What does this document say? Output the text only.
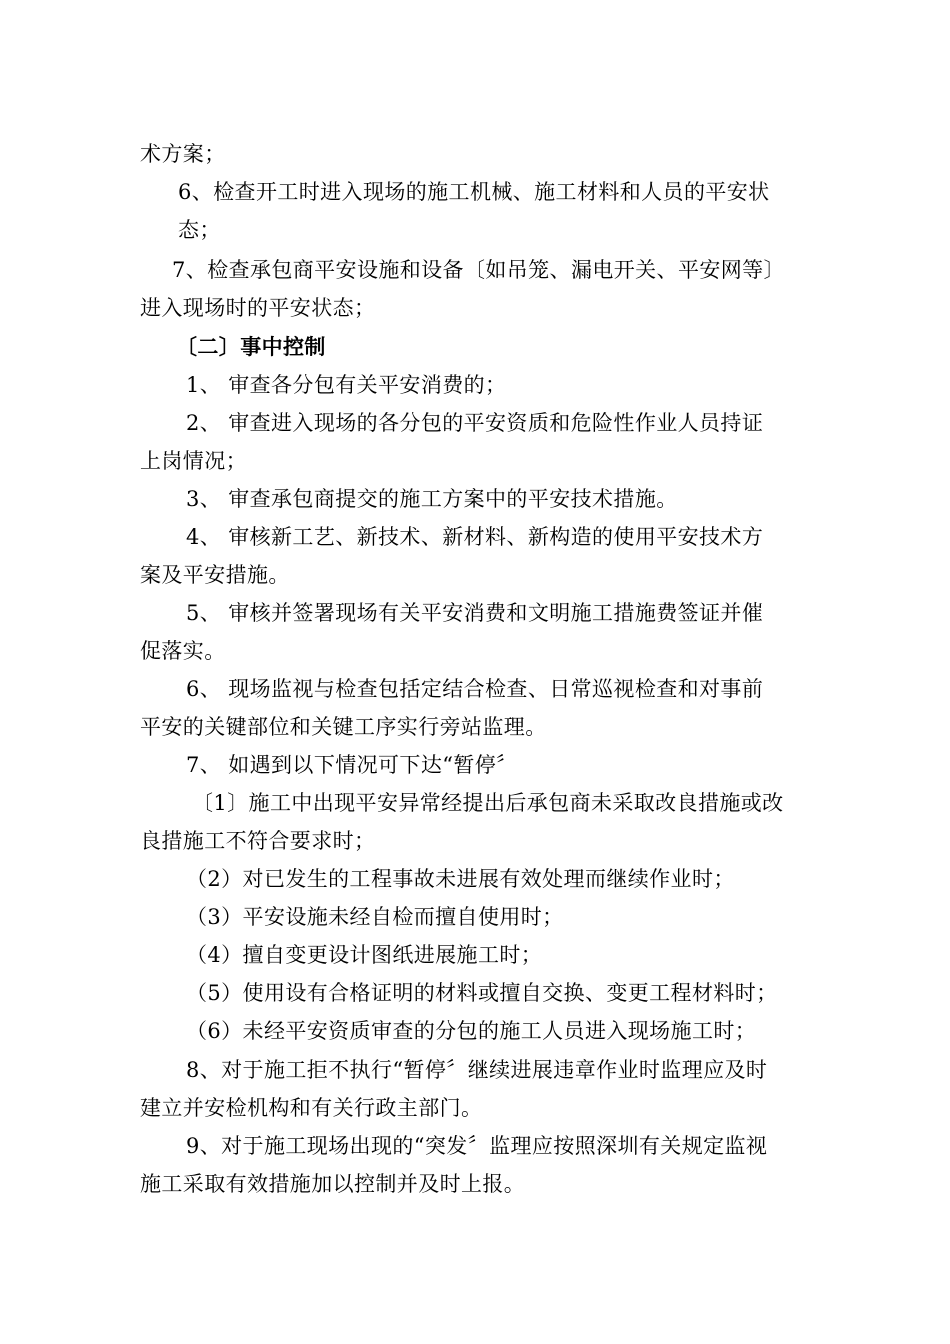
术方案；
6、检查开工时进入现场的施工机械、施工材料和人员的平安状
态；
7、检查承包商平安设施和设备〔如吊笼、漏电开关、平安网等〕
进入现场时的平安状态；
〔二〕事中控制
1、 审查各分包有关平安消费的；
2、 审查进入现场的各分包的平安资质和危险性作业人员持证
上岗情况；
3、 审查承包商提交的施工方案中的平安技术措施。
4、 审核新工艺、新技术、新材料、新构造的使用平安技术方
案及平安措施。
5、 审核并签署现场有关平安消费和文明施工措施费签证并催
促落实。
6、 现场监视与检查包括定结合检查、日常巡视检查和对事前
平安的关键部位和关键工序实行旁站监理。
7、 如遇到以下情况可下达“暂停〞
〔1〕施工中出现平安异常经提出后承包商未采取改良措施或改
良措施工不符合要求时；
（2）对已发生的工程事故未进展有效处理而继续作业时；
（3）平安设施未经自检而擅自使用时；
（4）擅自变更设计图纸进展施工时；
（5）使用设有合格证明的材料或擅自交换、变更工程材料时；
（6）未经平安资质审查的分包的施工人员进入现场施工时；
8、对于施工拒不执行“暂停〞继续进展违章作业时监理应及时
建立并安检机构和有关行政主部门。
9、对于施工现场出现的“突发〞监理应按照深圳有关规定监视
施工采取有效措施加以控制并及时上报。
